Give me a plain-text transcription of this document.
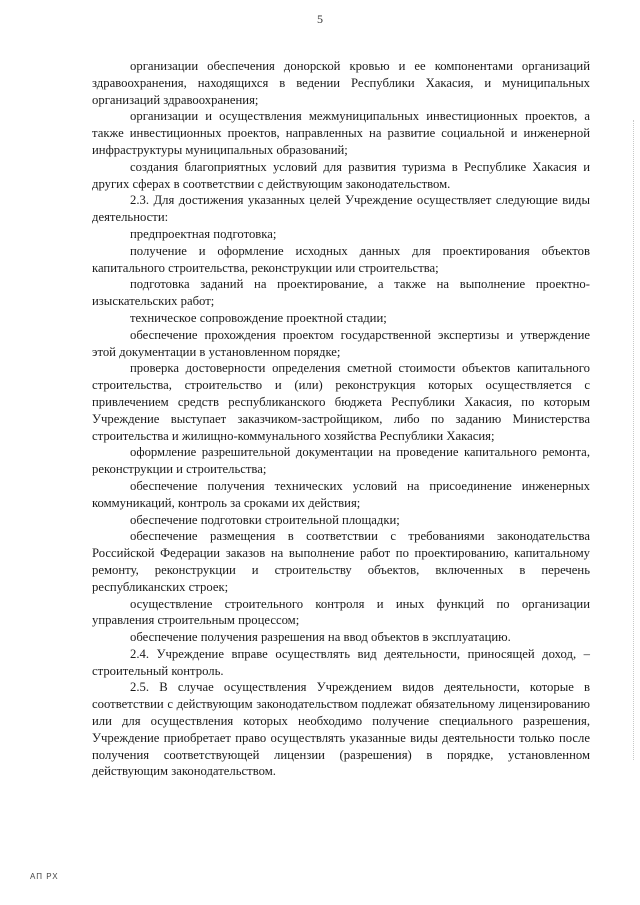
5

организации обеспечения донорской кровью и ее компонентами организаций здравоохранения, находящихся в ведении Республики Хакасия, и муниципальных организаций здравоохранения;

организации и осуществления межмуниципальных инвестиционных проектов, а также инвестиционных проектов, направленных на развитие социальной и инженерной инфраструктуры муниципальных образований;

создания благоприятных условий для развития туризма в Республике Хакасия и других сферах в соответствии с действующим законодательством.

2.3. Для достижения указанных целей Учреждение осуществляет следующие виды деятельности:

предпроектная подготовка;

получение и оформление исходных данных для проектирования объектов капитального строительства, реконструкции или строительства;

подготовка заданий на проектирование, а также на выполнение проектно-изыскательских работ;

техническое сопровождение проектной стадии;

обеспечение прохождения проектом государственной экспертизы и утверждение этой документации в установленном порядке;

проверка достоверности определения сметной стоимости объектов капитального строительства, строительство и (или) реконструкция которых осуществляется с привлечением средств республиканского бюджета Республики Хакасия, по которым Учреждение выступает заказчиком-застройщиком, либо по заданию Министерства строительства и жилищно-коммунального хозяйства Республики Хакасия;

оформление разрешительной документации на проведение капитального ремонта, реконструкции и строительства;

обеспечение получения технических условий на присоединение инженерных коммуникаций, контроль за сроками их действия;

обеспечение подготовки строительной площадки;

обеспечение размещения в соответствии с требованиями законодательства Российской Федерации заказов на выполнение работ по проектированию, капитальному ремонту, реконструкции и строительству объектов, включенных в перечень республиканских строек;

осуществление строительного контроля и иных функций по организации управления строительным процессом;

обеспечение получения разрешения на ввод объектов в эксплуатацию.

2.4. Учреждение вправе осуществлять вид деятельности, приносящей доход, – строительный контроль.

2.5. В случае осуществления Учреждением видов деятельности, которые в соответствии с действующим законодательством подлежат обязательному лицензированию или для осуществления которых необходимо получение специального разрешения, Учреждение приобретает право осуществлять указанные виды деятельности только после получения соответствующей лицензии (разрешения) в порядке, установленном действующим законодательством.

АП РХ
